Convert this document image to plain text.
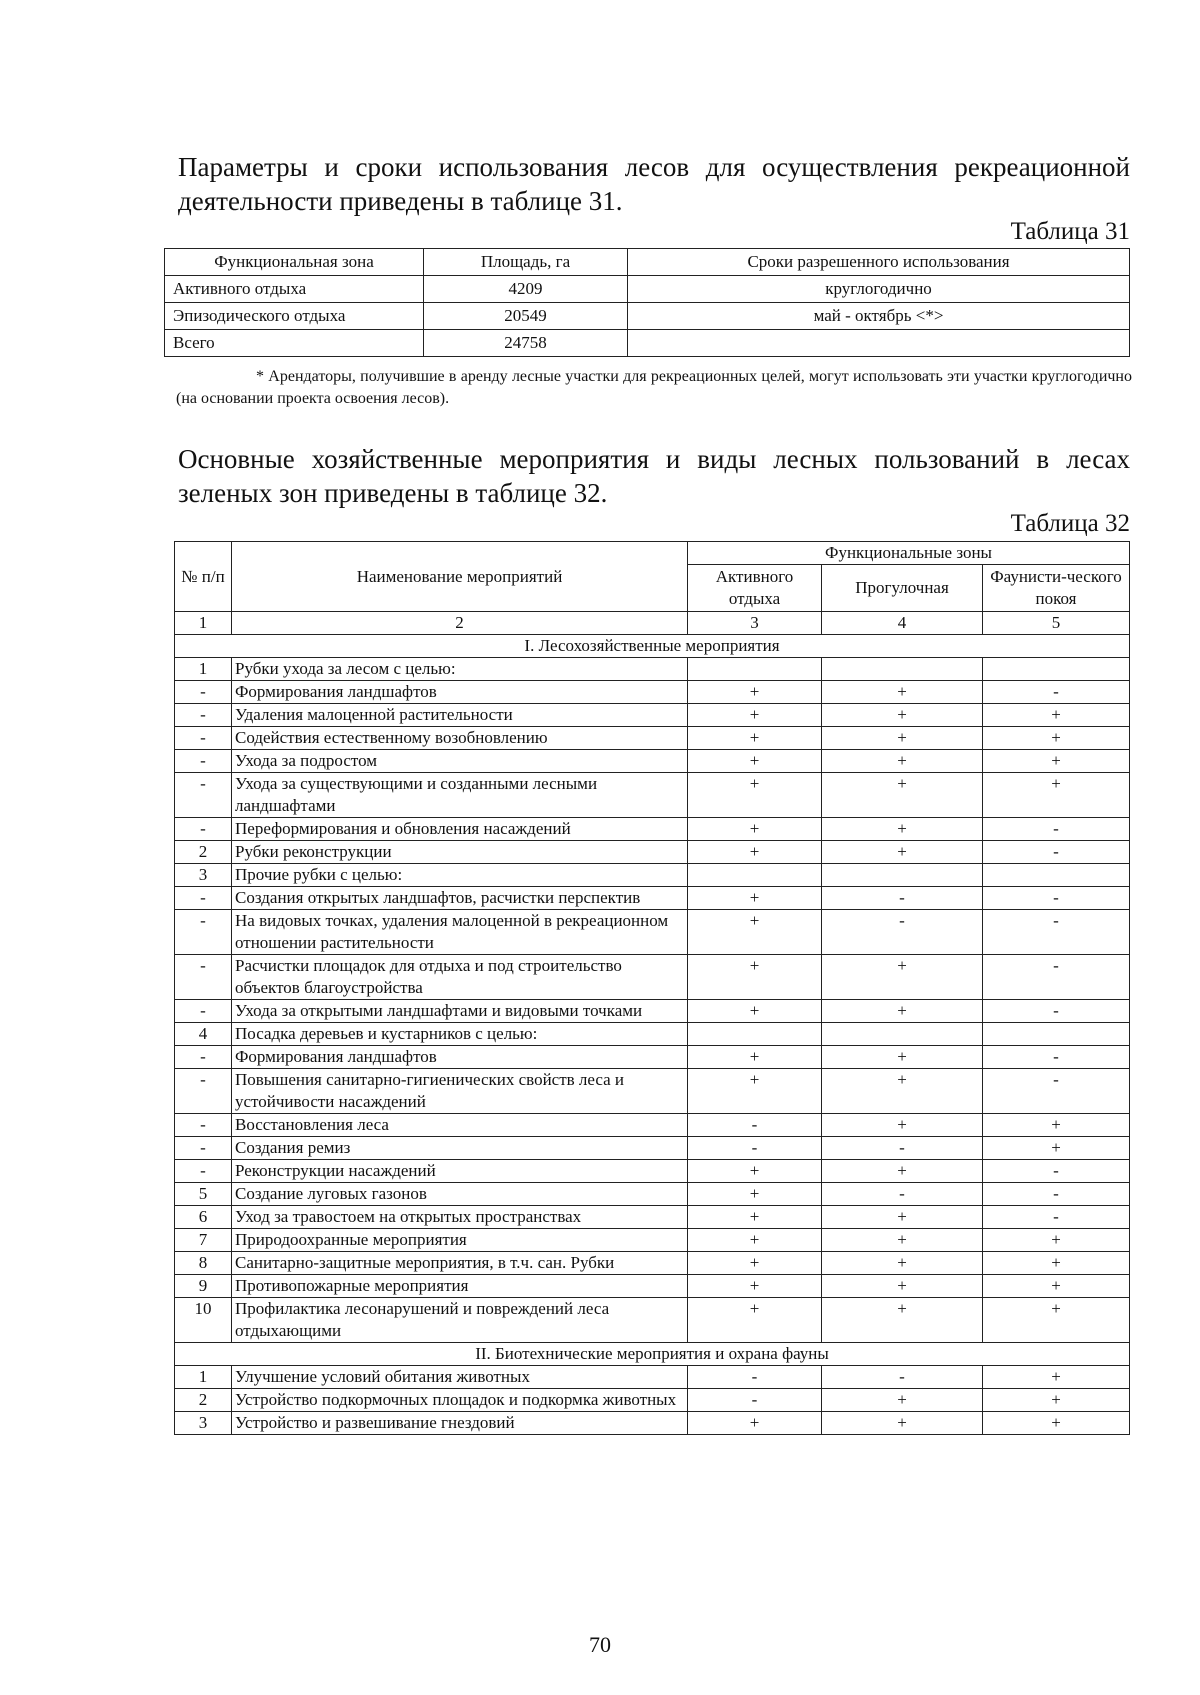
Параметры и сроки использования лесов для осуществления рекреационной деятельности приведены в таблице 31.

Таблица 31
Функциональная зона	Площадь, га	Сроки разрешенного использования
Активного отдыха	4209	круглогодично
Эпизодического отдыха	20549	май - октябрь <*>
Всего	24758	
* Арендаторы, получившие в аренду лесные участки для рекреационных целей, могут использовать эти участки круглогодично (на основании проекта освоения лесов).

Основные хозяйственные мероприятия и виды лесных пользований в лесах зеленых зон приведены в таблице 32.

Таблица 32
№ п/п	Наименование мероприятий	Функциональные зоны		
		Активного отдыха	Прогулочная	Фаунисти-ческого покоя
1	2	3	4	5
I. Лесохозяйственные мероприятия				
1	Рубки ухода за лесом с целью:			
-	Формирования ландшафтов	+	+	-
-	Удаления малоценной растительности	+	+	+
-	Содействия естественному возобновлению	+	+	+
-	Ухода за подростом	+	+	+
-	Ухода за существующими и созданными лесными ландшафтами	+	+	+
-	Переформирования и обновления насаждений	+	+	-
2	Рубки реконструкции	+	+	-
3	Прочие рубки с целью:			
-	Создания открытых ландшафтов, расчистки перспектив	+	-	-
-	На видовых точках, удаления малоценной в рекреационном отношении растительности	+	-	-
-	Расчистки площадок для отдыха и под строительство объектов благоустройства	+	+	-
-	Ухода за открытыми ландшафтами и видовыми точками	+	+	-
4	Посадка деревьев и кустарников с целью:			
-	Формирования ландшафтов	+	+	-
-	Повышения санитарно-гигиенических свойств леса и устойчивости насаждений	+	+	-
-	Восстановления леса	-	+	+
-	Создания ремиз	-	-	+
-	Реконструкции насаждений	+	+	-
5	Создание луговых газонов	+	-	-
6	Уход за травостоем на открытых пространствах	+	+	-
7	Природоохранные мероприятия	+	+	+
8	Санитарно-защитные мероприятия, в т.ч. сан. Рубки	+	+	+
9	Противопожарные мероприятия	+	+	+
10	Профилактика лесонарушений и повреждений леса отдыхающими	+	+	+
II. Биотехнические мероприятия и охрана фауны				
1	Улучшение условий обитания животных	-	-	+
2	Устройство подкормочных площадок и подкормка животных	-	+	+
3	Устройство и развешивание гнездовий	+	+	+
70
